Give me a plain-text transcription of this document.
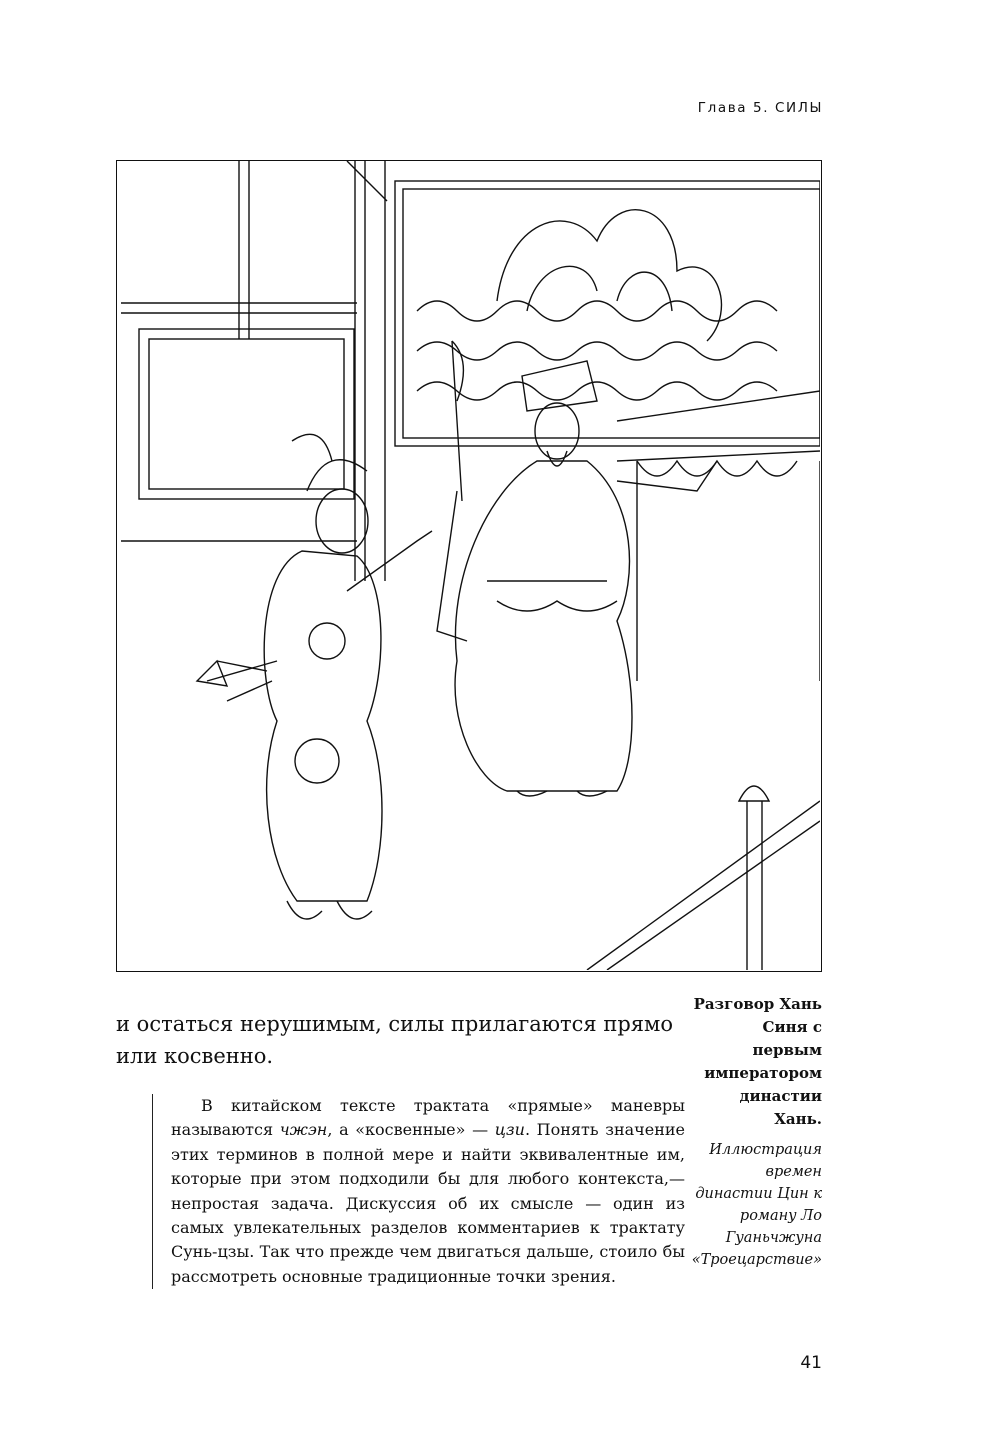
Глава 5. СИЛЫ
и остаться нерушимым, силы прилагаются прямо или косвенно.

В китайском тексте трактата «прямые» маневры называются чжэн, а «косвенные» — цзи. Понять значение этих терминов в полной мере и найти эквивалентные им, которые при этом подходили бы для любого контекста,— непростая задача. Дискуссия об их смысле — один из самых увлекательных разделов комментариев к трактату Сунь-цзы. Так что прежде чем двигаться дальше, стоило бы рассмотреть основные традиционные точки зрения.

Разговор Хань Синя с первым императором династии Хань.
Иллюстрация времен династии Цин к роману Ло Гуаньчжуна «Троецарствие»
41
